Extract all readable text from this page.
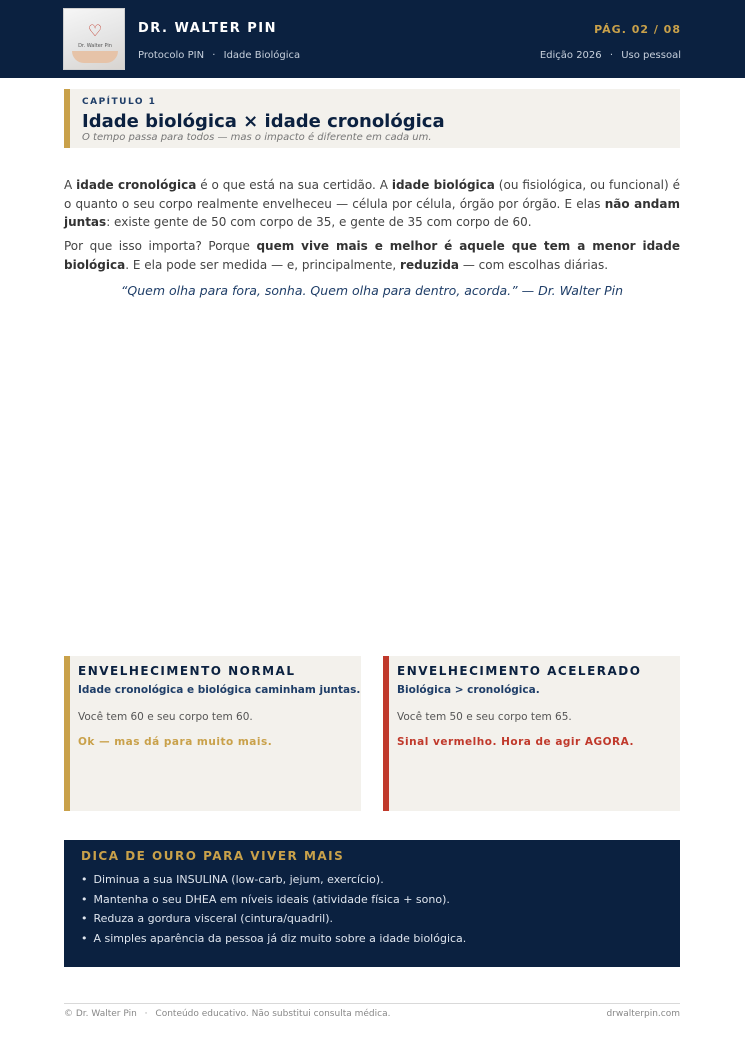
♡
Dr. Walter Pin
DR. WALTER PIN
Protocolo PIN · Idade Biológica
PÁG. 02 / 08
Edição 2026 · Uso pessoal
CAPÍTULO 1
Idade biológica × idade cronológica
O tempo passa para todos — mas o impacto é diferente em cada um.

A idade cronológica é o que está na sua certidão. A idade biológica (ou fisiológica, ou funcional) é o quanto o seu corpo realmente envelheceu — célula por célula, órgão por órgão. E elas não andam juntas: existe gente de 50 com corpo de 35, e gente de 35 com corpo de 60.

Por que isso importa? Porque quem vive mais e melhor é aquele que tem a menor idade biológica. E ela pode ser medida — e, principalmente, reduzida — com escolhas diárias.

“Quem olha para fora, sonha. Quem olha para dentro, acorda.” — Dr. Walter Pin
ENVELHECIMENTO NORMAL
Idade cronológica e biológica caminham juntas.
Você tem 60 e seu corpo tem 60.
Ok — mas dá para muito mais.
ENVELHECIMENTO ACELERADO
Biológica > cronológica.
Você tem 50 e seu corpo tem 65.
Sinal vermelho. Hora de agir AGORA.
DICA DE OURO PARA VIVER MAIS
• Diminua a sua INSULINA (low-carb, jejum, exercício).
• Mantenha o seu DHEA em níveis ideais (atividade física + sono).
• Reduza a gordura visceral (cintura/quadril).
• A simples aparência da pessoa já diz muito sobre a idade biológica.
© Dr. Walter Pin · Conteúdo educativo. Não substitui consulta médica.	drwalterpin.com
